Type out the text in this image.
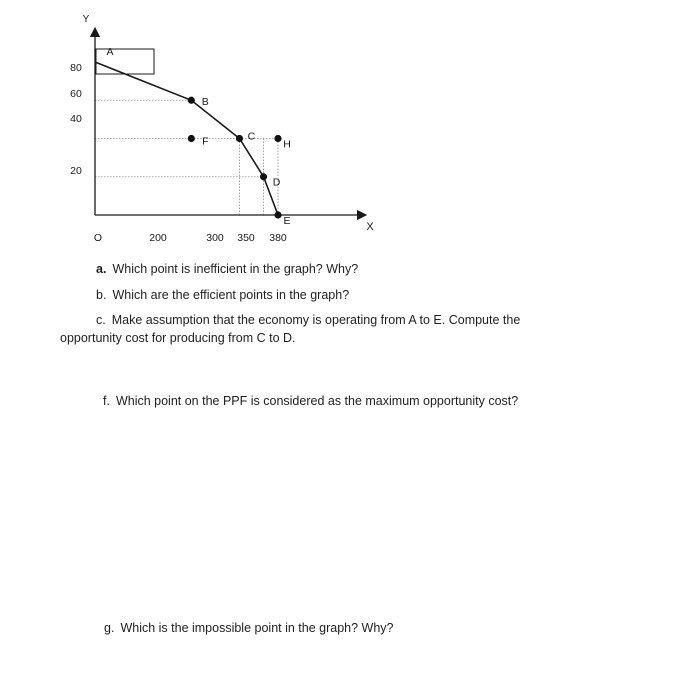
Y
X
80
60
40
20
O	200	300 350 380
A
B
C
D
E
F	H
a. Which point is inefficient in the graph? Why?
b. Which are the efficient points in the graph?
c. Make assumption that the economy is operating from A to E. Compute the
opportunity cost for producing from C to D.
f. Which point on the PPF is considered as the maximum opportunity cost?
g. Which is the impossible point in the graph? Why?
